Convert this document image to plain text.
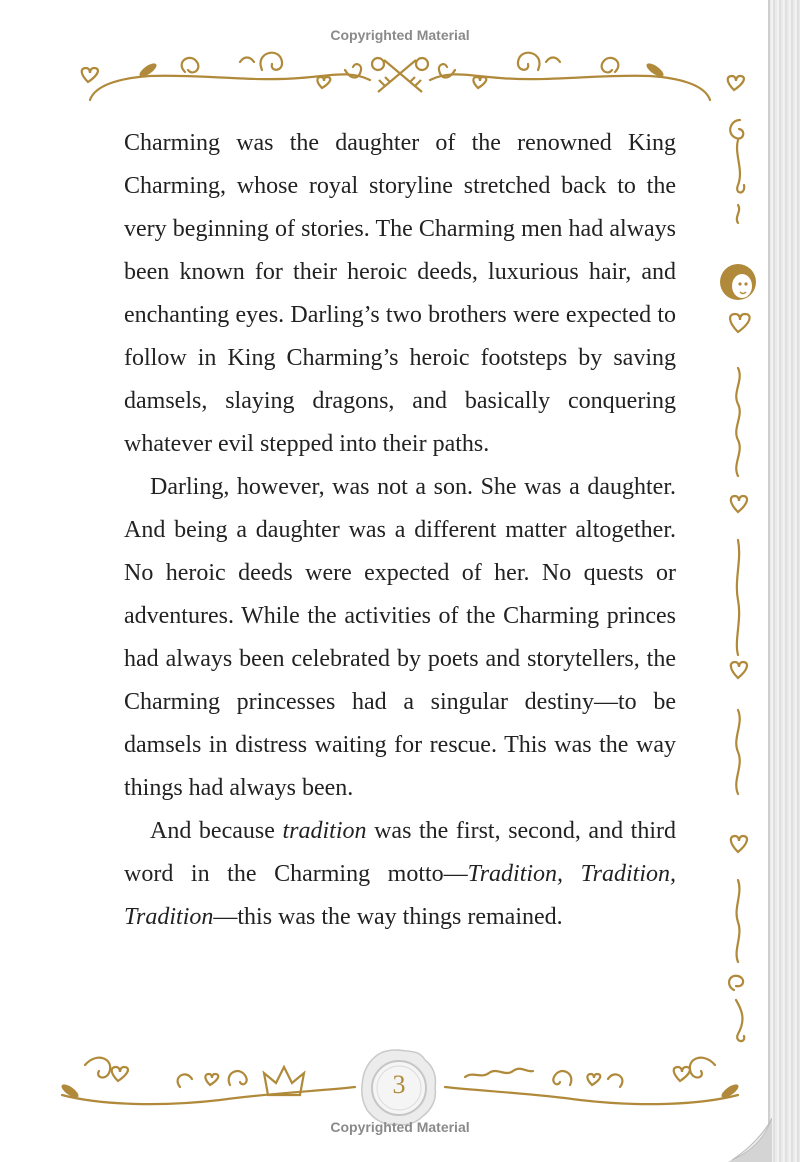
Copyrighted Material

Charming was the daughter of the renowned King Charming, whose royal storyline stretched back to the very beginning of stories. The Charming men had always been known for their heroic deeds, luxurious hair, and enchanting eyes. Darling’s two brothers were expected to follow in King Charming’s heroic footsteps by saving damsels, slaying dragons, and basically conquering whatever evil stepped into their paths.

Darling, however, was not a son. She was a daughter. And being a daughter was a different matter altogether. No heroic deeds were expected of her. No quests or adventures. While the activities of the Charming princes had always been celebrated by poets and storytellers, the Charming princesses had a singular destiny—to be damsels in distress waiting for rescue. This was the way things had always been.

And because tradition was the first, second, and third word in the Charming motto—Tradition, Tradition, Tradition—this was the way things remained.

3
Copyrighted Material
